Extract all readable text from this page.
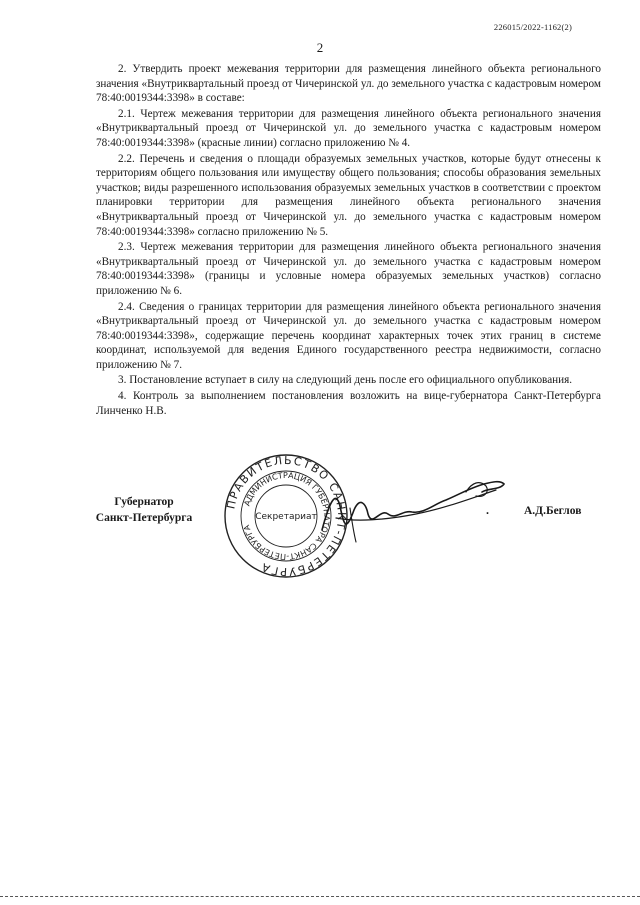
226015/2022-1162(2)
2

2. Утвердить проект межевания территории для размещения линейного объекта регионального значения «Внутриквартальный проезд от Чичеринской ул. до земельного участка с кадастровым номером 78:40:0019344:3398» в составе:

2.1. Чертеж межевания территории для размещения линейного объекта регионального значения «Внутриквартальный проезд от Чичеринской ул. до земельного участка с кадастровым номером 78:40:0019344:3398» (красные линии) согласно приложению № 4.

2.2. Перечень и сведения о площади образуемых земельных участков, которые будут отнесены к территориям общего пользования или имуществу общего пользования; способы образования земельных участков; виды разрешенного использования образуемых земельных участков в соответствии с проектом планировки территории для размещения линейного объекта регионального значения «Внутриквартальный проезд от Чичеринской ул. до земельного участка с кадастровым номером 78:40:0019344:3398» согласно приложению № 5.

2.3. Чертеж межевания территории для размещения линейного объекта регионального значения «Внутриквартальный проезд от Чичеринской ул. до земельного участка с кадастровым номером 78:40:0019344:3398» (границы и условные номера образуемых земельных участков) согласно приложению № 6.

2.4. Сведения о границах территории для размещения линейного объекта регионального значения «Внутриквартальный проезд от Чичеринской ул. до земельного участка с кадастровым номером 78:40:0019344:3398», содержащие перечень координат характерных точек этих границ в системе координат, используемой для ведения Единого государственного реестра недвижимости, согласно приложению № 7.

3. Постановление вступает в силу на следующий день после его официального опубликования.

4. Контроль за выполнением постановления возложить на вице-губернатора Санкт-Петербурга Линченко Н.В.

Губернатор
Санкт-Петербурга
ПРАВИТЕЛЬСТВО САНКТ-ПЕТЕРБУРГА
АДМИНИСТРАЦИЯ ГУБЕРНАТОРА САНКТ-ПЕТЕРБУРГА
Секретариат	.	А.Д.Беглов
